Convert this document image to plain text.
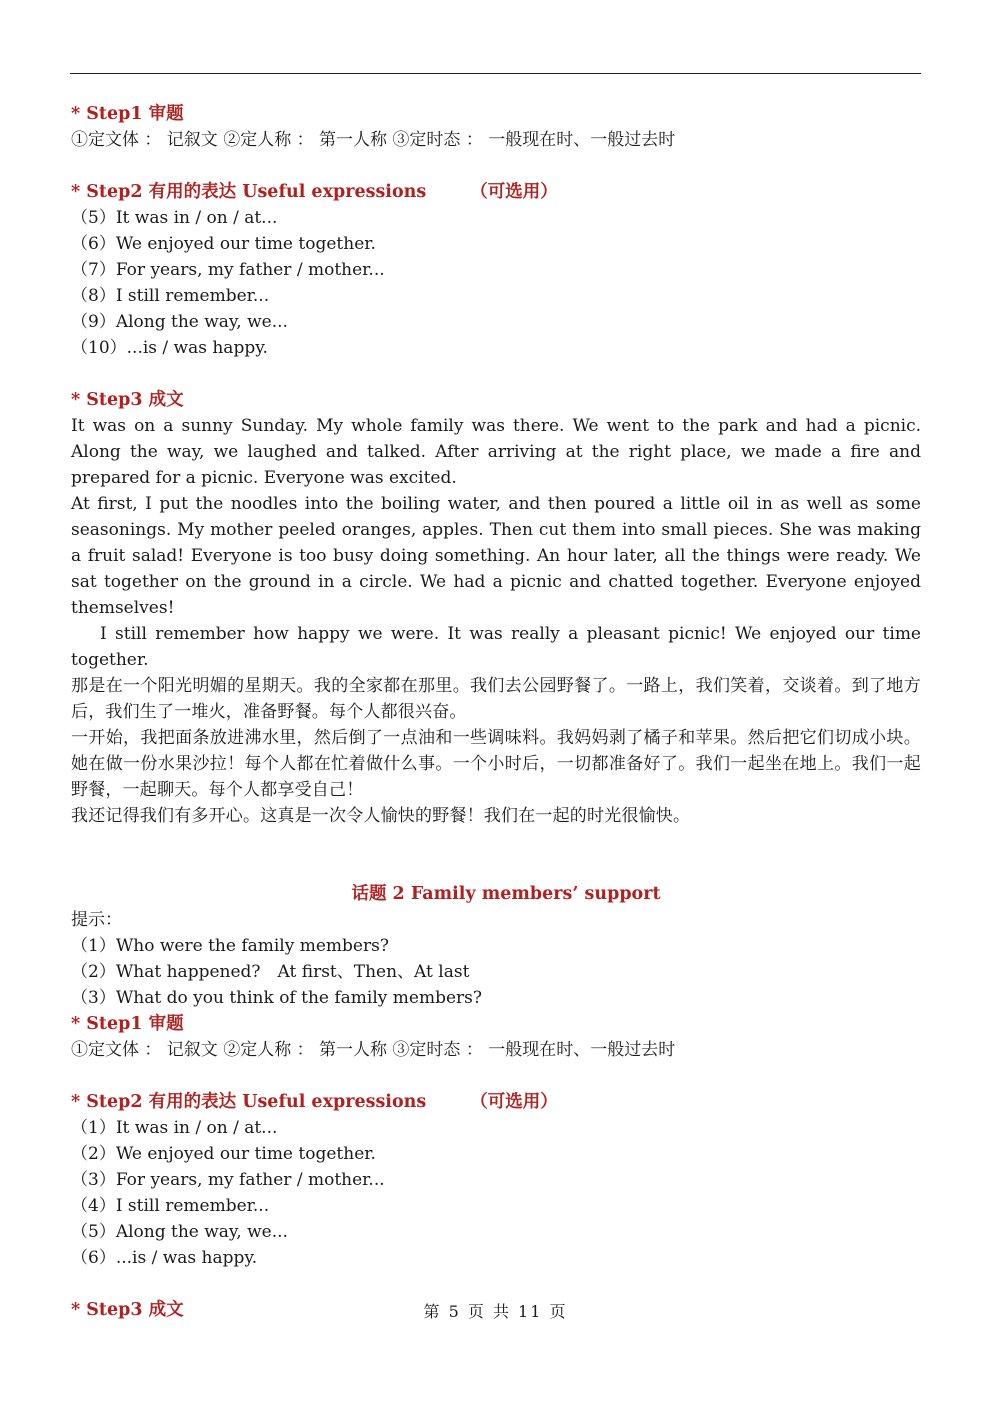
* Step1 审题
①定文体 ： 记叙文 ②定人称 ： 第一人称 ③定时态 ： 一般现在时、一般过去时
* Step2 有用的表达 Useful expressions	（可选用）
（5）It was in / on / at...
（6）We enjoyed our time together.
（7）For years, my father / mother...
（8）I still remember...
（9）Along the way, we...
（10）...is / was happy.
* Step3 成文
It was on a sunny Sunday. My whole family was there. We went to the park and had a picnic. Along the way, we laughed and talked. After arriving at the right place, we made a fire and prepared for a picnic. Everyone was excited.
At first, I put the noodles into the boiling water, and then poured a little oil in as well as some seasonings. My mother peeled oranges, apples. Then cut them into small pieces. She was making a fruit salad! Everyone is too busy doing something. An hour later, all the things were ready. We sat together on the ground in a circle. We had a picnic and chatted together. Everyone enjoyed themselves!
I still remember how happy we were. It was really a pleasant picnic! We enjoyed our time together.
那是在一个阳光明媚的星期天。我的全家都在那里。我们去公园野餐了。一路上，我们笑着，交谈着。到了地方后，我们生了一堆火，准备野餐。每个人都很兴奋。
一开始，我把面条放进沸水里，然后倒了一点油和一些调味料。我妈妈剥了橘子和苹果。然后把它们切成小块。她在做一份水果沙拉！每个人都在忙着做什么事。一个小时后，一切都准备好了。我们一起坐在地上。我们一起野餐，一起聊天。每个人都享受自己！
我还记得我们有多开心。这真是一次令人愉快的野餐！我们在一起的时光很愉快。
话题 2 Family members’ support
提示：
（1）Who were the family members?
（2）What happened?　At first、Then、At last
（3）What do you think of the family members?
* Step1 审题
①定文体 ： 记叙文 ②定人称 ： 第一人称 ③定时态 ： 一般现在时、一般过去时
* Step2 有用的表达 Useful expressions	（可选用）
（1）It was in / on / at...
（2）We enjoyed our time together.
（3）For years, my father / mother...
（4）I still remember...
（5）Along the way, we...
（6）...is / was happy.
* Step3 成文	第 5 页 共 11 页
